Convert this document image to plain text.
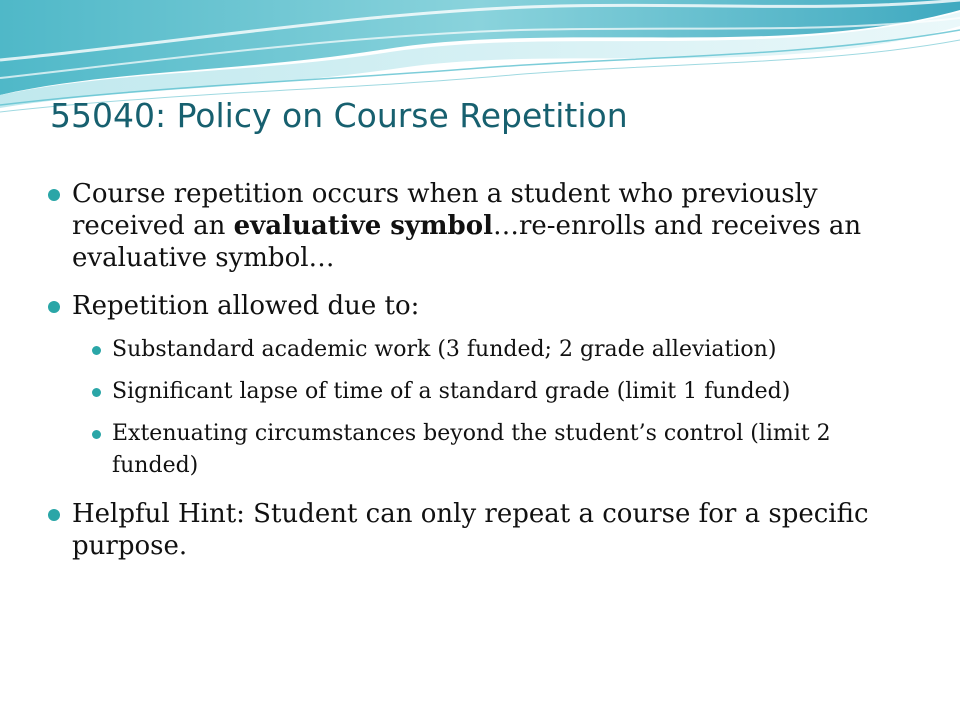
55040: Policy on Course Repetition
Course repetition occurs when a student who previously received an evaluative symbol…re-enrolls and receives an evaluative symbol…
Repetition allowed due to:
Substandard academic work (3 funded; 2 grade alleviation)
Significant lapse of time of a standard grade (limit 1 funded)
Extenuating circumstances beyond the student’s control (limit 2 funded)
Helpful Hint: Student can only repeat a course for a specific purpose.
